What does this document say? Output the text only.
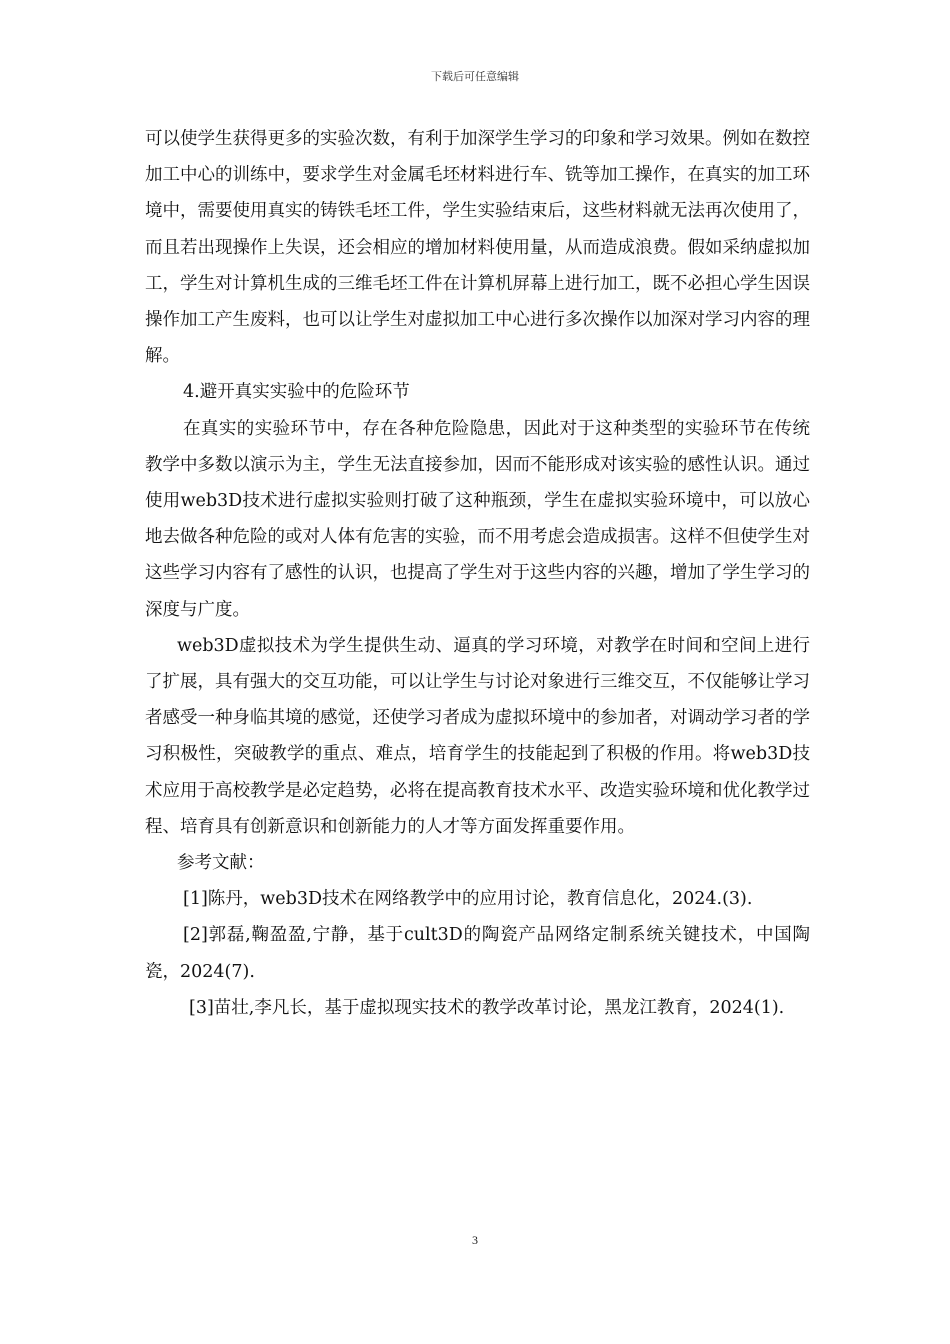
下载后可任意编辑

可以使学生获得更多的实验次数，有利于加深学生学习的印象和学习效果。例如在数控加工中心的训练中，要求学生对金属毛坯材料进行车、铣等加工操作，在真实的加工环境中，需要使用真实的铸铁毛坯工件，学生实验结束后，这些材料就无法再次使用了，而且若出现操作上失误，还会相应的增加材料使用量，从而造成浪费。假如采纳虚拟加工，学生对计算机生成的三维毛坯工件在计算机屏幕上进行加工，既不必担心学生因误操作加工产生废料，也可以让学生对虚拟加工中心进行多次操作以加深对学习内容的理解。

4.避开真实实验中的危险环节

在真实的实验环节中，存在各种危险隐患，因此对于这种类型的实验环节在传统教学中多数以演示为主，学生无法直接参加，因而不能形成对该实验的感性认识。通过使用web3D技术进行虚拟实验则打破了这种瓶颈，学生在虚拟实验环境中，可以放心地去做各种危险的或对人体有危害的实验，而不用考虑会造成损害。这样不但使学生对这些学习内容有了感性的认识，也提高了学生对于这些内容的兴趣，增加了学生学习的深度与广度。

web3D虚拟技术为学生提供生动、逼真的学习环境，对教学在时间和空间上进行了扩展，具有强大的交互功能，可以让学生与讨论对象进行三维交互，不仅能够让学习者感受一种身临其境的感觉，还使学习者成为虚拟环境中的参加者，对调动学习者的学习积极性，突破教学的重点、难点，培育学生的技能起到了积极的作用。将web3D技术应用于高校教学是必定趋势，必将在提高教育技术水平、改造实验环境和优化教学过程、培育具有创新意识和创新能力的人才等方面发挥重要作用。

参考文献：

[1]陈丹，web3D技术在网络教学中的应用讨论，教育信息化，2024.(3).

[2]郭磊,鞠盈盈,宁静，基于cult3D的陶瓷产品网络定制系统关键技术，中国陶瓷，2024(7).

[3]苗壮,李凡长，基于虚拟现实技术的教学改革讨论，黑龙江教育，2024(1).

3
